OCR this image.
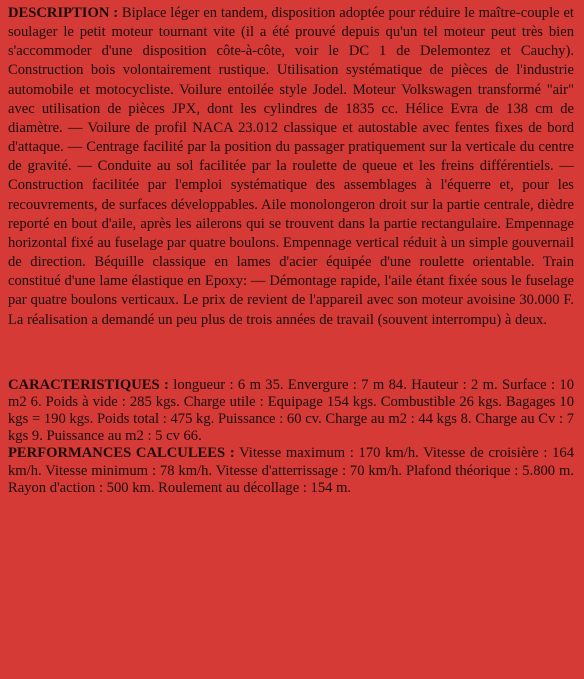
DESCRIPTION : Biplace léger en tandem, disposition adoptée pour réduire le maître-couple et soulager le petit moteur tournant vite (il a été prouvé depuis qu'un tel moteur peut très bien s'accommoder d'une disposition côte-à-côte, voir le DC 1 de Delemontez et Cauchy). Construction bois volontairement rustique. Utilisation systématique de pièces de l'industrie automobile et motocycliste. Voilure entoilée style Jodel. Moteur Volkswagen transformé "air" avec utilisation de pièces JPX, dont les cylindres de 1835 cc. Hélice Evra de 138 cm de diamètre. — Voilure de profil NACA 23.012 classique et autostable avec fentes fixes de bord d'attaque. — Centrage facilité par la position du passager pratiquement sur la verticale du centre de gravité. — Conduite au sol facilitée par la roulette de queue et les freins différentiels. — Construction facilitée par l'emploi systématique des assemblages à l'équerre et, pour les recouvrements, de surfaces développables. Aile monolongeron droit sur la partie centrale, dièdre reporté en bout d'aile, après les ailerons qui se trouvent dans la partie rectangulaire. Empennage horizontal fixé au fuselage par quatre boulons. Empennage vertical réduit à un simple gouvernail de direction. Béquille classique en lames d'acier équipée d'une roulette orientable. Train constitué d'une lame élastique en Epoxy: — Démontage rapide, l'aile étant fixée sous le fuselage par quatre boulons verticaux. Le prix de revient de l'appareil avec son moteur avoisine 30.000 F. La réalisation a demandé un peu plus de trois années de travail (souvent interrompu) à deux.

CARACTERISTIQUES : longueur : 6 m 35. Envergure : 7 m 84. Hauteur : 2 m. Surface : 10 m2 6. Poids à vide : 285 kgs. Charge utile : Equipage 154 kgs. Combustible 26 kgs. Bagages 10 kgs = 190 kgs. Poids total : 475 kg. Puissance : 60 cv. Charge au m2 : 44 kgs 8. Charge au Cv : 7 kgs 9. Puissance au m2 : 5 cv 66.

PERFORMANCES CALCULEES : Vitesse maximum : 170 km/h. Vitesse de croisière : 164 km/h. Vitesse minimum : 78 km/h. Vitesse d'atterrissage : 70 km/h. Plafond théorique : 5.800 m. Rayon d'action : 500 km. Roulement au décollage : 154 m.
